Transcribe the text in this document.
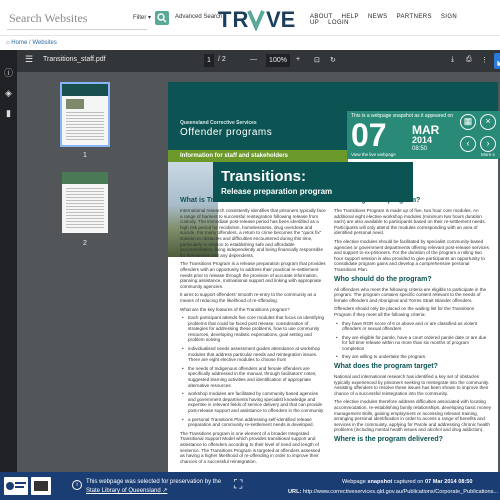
Search Websites	Filter ▾	Advanced Search
TR VE ABOUT HELP NEWS PARTNERS SIGN UP LOGIN
⌂ Home / Websites
ⓘ
◈
▮
☰ Transitions_staff.pdf	1	/ 2	—	100%	+ ⊡ ↻	⤓ ⎙ ⋮
1
2
Queensland Corrective Services
Offender programs
Information for staff and stakeholders
Transitions:
Release preparation program
What is Transitions?
International research consistently identifies that prisoners typically face a range of barriers to successful reintegration following release from custody. The immediate post-release period has been identified as a high risk period for recidivism, homelessness, drug overdose and suicide. For many offenders, a return to crime becomes the "quick fix" solution to obstacles and difficulties encountered during this time, particularly in relation to establishing safe and affordable accommodation, living independently and being financially responsible for themselves and any dependents.
The Transitions Program is a release preparation program that provides offenders with an opportunity to address their practical re-settlement needs prior to release through the provision of accurate information, planning assistance, motivational support and linking with appropriate community agencies.
It aims to support offenders' smooth re-entry to the community as a means of reducing the likelihood of re-offending.
What are the key features of the Transitions program?
• Each participant attends five core modules that focus on identifying problems that could be faced post release, consideration of strategies for addressing these problems, how to use community resources, developing realistic expectations, goal setting and problem solving
• individualised needs assessment guides attendance at workshop modules that address particular needs and reintegration issues. There are eight elective modules to choose from
• the needs of Indigenous offenders and female offenders are specifically addressed in the manual, through facilitators' notes, suggested learning activities and identification of appropriate alternative resources
• workshop modules are facilitated by community based agencies and government departments having specialist knowledge and expertise in relevant fields of service delivery and that can provide post-release support and assistance to offenders in the community
• a personal Transitions Plan addressing self-identified release preparation and community re-settlement needs is developed.
The Transitions program is one element of a broader Integrated Transitional Support Model which provides transitional support and assistance to offenders according to their level of need and length of sentence. The Transitions Program is targeted at offenders assessed as having a higher likelihood of re-offending in order to improve their chances of a successful reintegration.
How long is the program?
The Transitions Program is made up of five, two hour core modules. An additional eight elective workshop modules (minimum two hours duration each) are also available to participants based on their re-settlement needs. Participants will only attend the modules corresponding with an area of identified personal need.
The elective modules should be facilitated by specialist community-based agencies or government departments offering relevant post-release services and support to ex-prisoners. For the duration of the program a rolling two hour support session is also provided to give participants an opportunity to consolidate program gains and develop a comprehensive personal Transitions Plan.
Who should do the program?
All offenders who meet the following criteria are eligible to participate in the program. The program contains specific content relevant to the needs of female offenders and Aboriginal and Torres Strait Islander offenders.
Offenders should only be placed on the waiting list for the Transitions Program if they meet all the following criteria:
• they have ROR score of 6 or above and or are classified as violent offenders or sexual offenders
• they are eligible for parole, have a court ordered parole date or are due for full time release within no more than six months of program completion
• they are willing to undertake the program.
What does the program target?
National and international research has identified a key set of obstacles typically experienced by prisoners seeking to reintegrate into the community. Assisting offenders to resolve these issues has been shown to improve their chance of a successful reintegration into the community.
The elective modules therefore address difficulties associated with locating accommodation, re-establishing family relationships, developing basic money management skills, gaining employment or accessing relevant training, arranging personal identification in order to access a range of benefits and services in the community, applying for Parole and addressing chronic health problems (including mental health issues and alcohol and drug addiction).
Where is the program delivered?
This is a webpage snapshot as it appeared on
07 MAR
2014
08:50
View the live webpage
▦
‹
×
›
More s
i	This webpage was selected for preservation by the
State Library of Queensland ↗	⛶	Webpage snapshot captured on 07 Mar 2014 08:50
URL: http://www.correctiveservices.qld.gov.au/Publications/Corporate_Publications...
